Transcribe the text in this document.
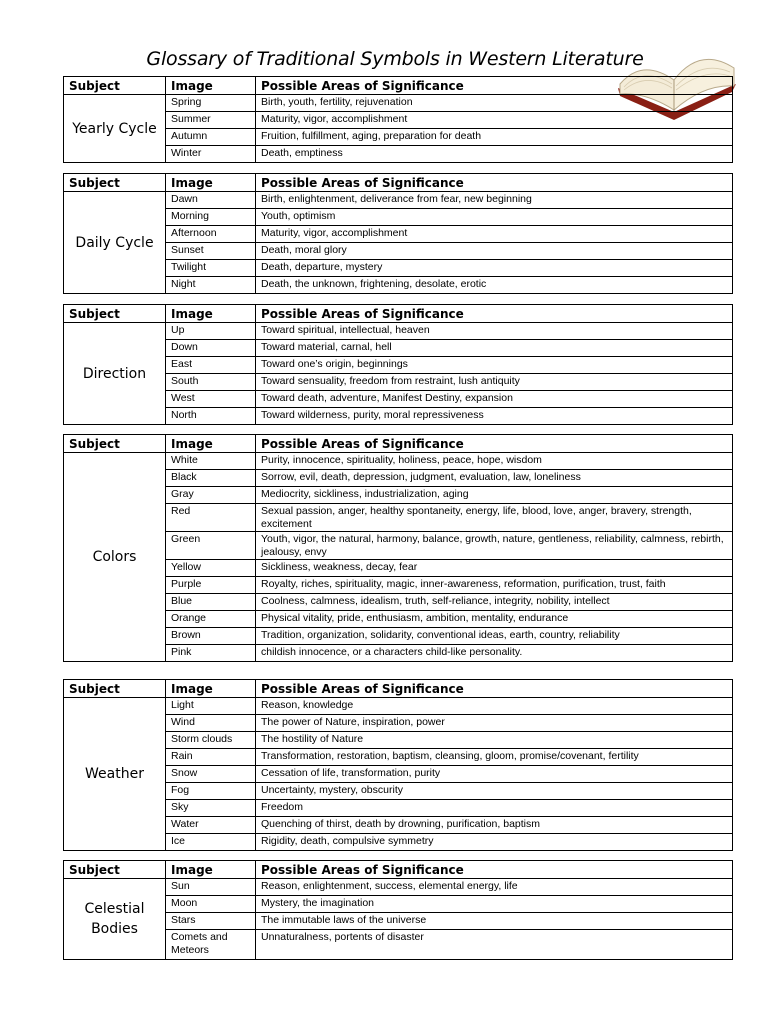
Glossary of Traditional Symbols in Western Literature
Subject	Image	Possible Areas of Significance
Yearly Cycle	Spring	Birth, youth, fertility, rejuvenation
	Summer	Maturity, vigor, accomplishment
	Autumn	Fruition, fulfillment, aging, preparation for death
	Winter	Death, emptiness
Subject	Image	Possible Areas of Significance
Daily Cycle	Dawn	Birth, enlightenment, deliverance from fear, new beginning
	Morning	Youth, optimism
	Afternoon	Maturity, vigor, accomplishment
	Sunset	Death, moral glory
	Twilight	Death, departure, mystery
	Night	Death, the unknown, frightening, desolate, erotic
Subject	Image	Possible Areas of Significance
Direction	Up	Toward spiritual, intellectual, heaven
	Down	Toward material, carnal, hell
	East	Toward one’s origin, beginnings
	South	Toward sensuality, freedom from restraint, lush antiquity
	West	Toward death, adventure, Manifest Destiny, expansion
	North	Toward wilderness, purity, moral repressiveness
Subject	Image	Possible Areas of Significance
Colors	White	Purity, innocence, spirituality, holiness, peace, hope, wisdom
	Black	Sorrow, evil, death, depression, judgment, evaluation, law, loneliness
	Gray	Mediocrity, sickliness, industrialization, aging
	Red	Sexual passion, anger, healthy spontaneity, energy, life, blood, love, anger, bravery, strength, excitement
	Green	Youth, vigor, the natural, harmony, balance, growth, nature, gentleness, reliability, calmness, rebirth, jealousy, envy
	Yellow	Sickliness, weakness, decay, fear
	Purple	Royalty, riches, spirituality, magic, inner-awareness, reformation, purification, trust, faith
	Blue	Coolness, calmness, idealism, truth, self-reliance, integrity, nobility, intellect
	Orange	Physical vitality, pride, enthusiasm, ambition, mentality, endurance
	Brown	Tradition, organization, solidarity, conventional ideas, earth, country, reliability
	Pink	childish innocence, or a characters child-like personality.
Subject	Image	Possible Areas of Significance
Weather	Light	Reason, knowledge
	Wind	The power of Nature, inspiration, power
	Storm clouds	The hostility of Nature
	Rain	Transformation, restoration, baptism, cleansing, gloom, promise/covenant, fertility
	Snow	Cessation of life, transformation, purity
	Fog	Uncertainty, mystery, obscurity
	Sky	Freedom
	Water	Quenching of thirst, death by drowning, purification, baptism
	Ice	Rigidity, death, compulsive symmetry
Subject	Image	Possible Areas of Significance
Celestial Bodies	Sun	Reason, enlightenment, success, elemental energy, life
	Moon	Mystery, the imagination
	Stars	The immutable laws of the universe
	Comets and Meteors	Unnaturalness, portents of disaster
